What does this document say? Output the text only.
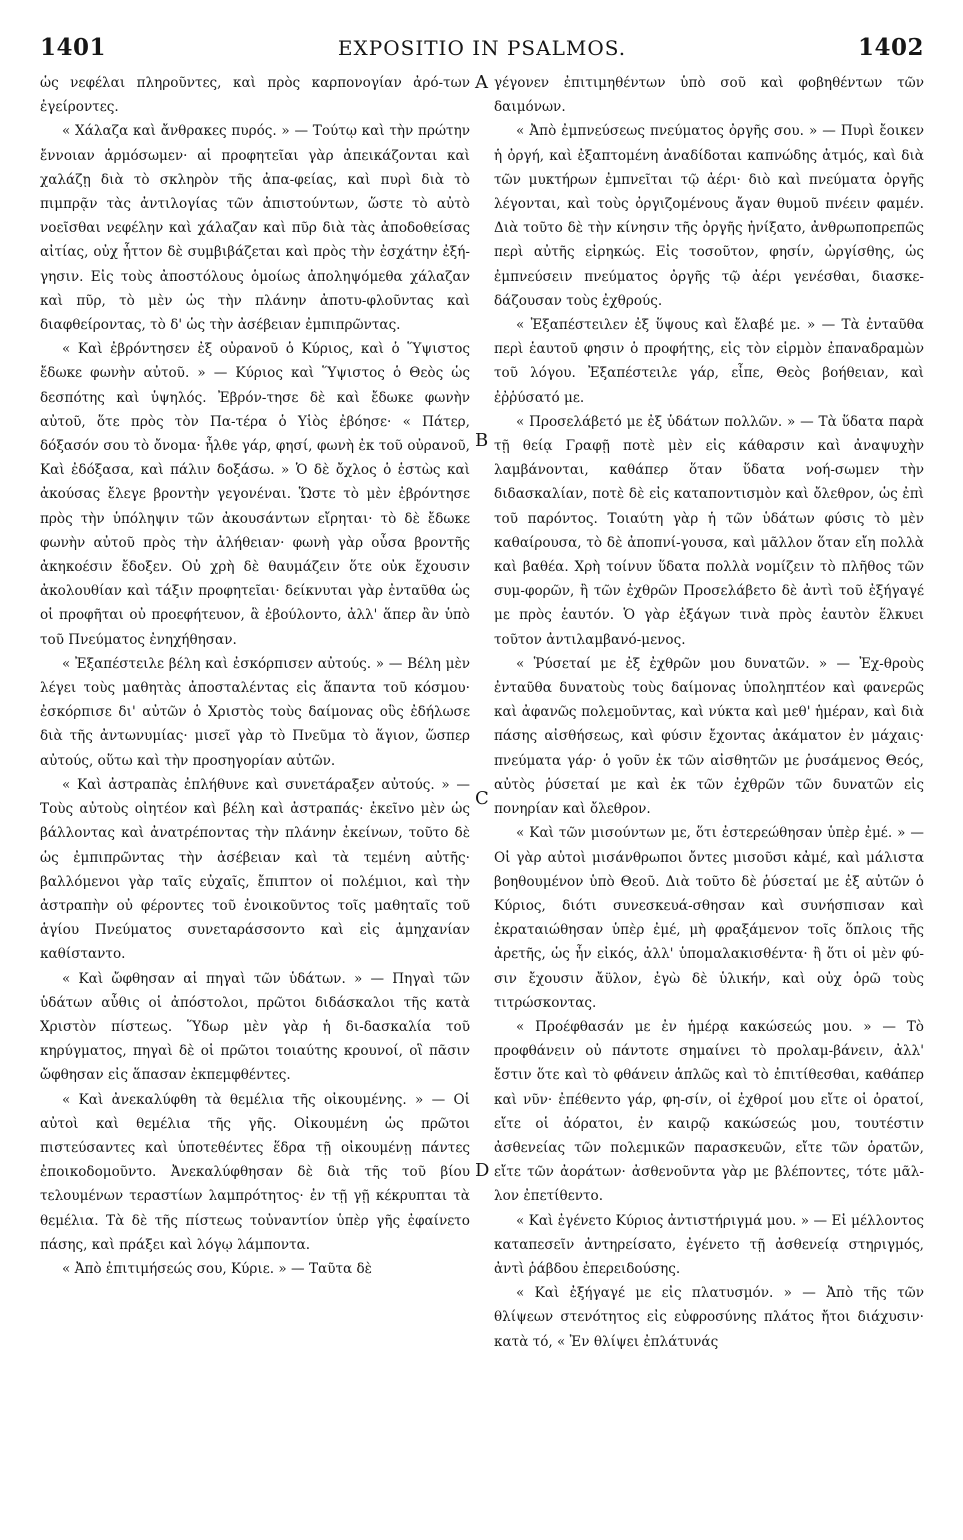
1401	EXPOSITIO IN PSALMOS.	1402

ὡς νεφέλαι πληροῦντες, καὶ πρὸς καρπονογίαν ἀρό-των ἐγείροντες.

« Χάλαζα καὶ ἄνθρακες πυρός. » — Τούτῳ καὶ τὴν πρώτην ἔννοιαν ἁρμόσωμεν· αἱ προφητεῖαι γὰρ ἀπεικάζονται καὶ χαλάζῃ διὰ τὸ σκληρὸν τῆς ἀπα-φείας, καὶ πυρὶ διὰ τὸ πιμπρᾷν τὰς ἀντιλογίας τῶν ἀπιστούντων, ὥστε τὸ αὐτὸ νοεῖσθαι νεφέλην καὶ χάλαζαν καὶ πῦρ διὰ τὰς ἀποδοθείσας αἰτίας, οὐχ ἧττον δὲ συμβιβάζεται καὶ πρὸς τὴν ἐσχάτην ἐξή-γησιν. Εἰς τοὺς ἀποστόλους ὁμοίως ἀποληψόμεθα χάλαζαν καὶ πῦρ, τὸ μὲν ὡς τὴν πλάνην ἀποτυ-φλοῦντας καὶ διαφθείροντας, τὸ δ' ὡς τὴν ἀσέβειαν ἐμπιπρῶντας.

« Καὶ ἐβρόντησεν ἐξ οὐρανοῦ ὁ Κύριος, καὶ ὁ Ὕψιστος ἔδωκε φωνὴν αὐτοῦ. » — Κύριος καὶ Ὕψιστος ὁ Θεὸς ὡς δεσπότης καὶ ὑψηλός. Ἐβρόν-τησε δὲ καὶ ἔδωκε φωνὴν αὐτοῦ, ὅτε πρὸς τὸν Πα-τέρα ὁ Υἱὸς ἐβόησε· « Πάτερ, δόξασόν σου τὸ ὄνομα· ἦλθε γάρ, φησί, φωνὴ ἐκ τοῦ οὐρανοῦ, Καὶ ἐδόξασα, καὶ πάλιν δοξάσω. » Ὁ δὲ ὄχλος ὁ ἑστὼς καὶ ἀκούσας ἔλεγε βροντὴν γεγονέναι. Ὥστε τὸ μὲν ἐβρόντησε πρὸς τὴν ὑπόληψιν τῶν ἀκουσάντων εἴρηται· τὸ δὲ ἔδωκε φωνὴν αὐτοῦ πρὸς τὴν ἀλήθειαν· φωνὴ γὰρ οὖσα βροντῆς ἀκηκοέσιν ἔδοξεν. Οὐ χρὴ δὲ θαυμάζειν ὅτε οὐκ ἔχουσιν ἀκολουθίαν καὶ τάξιν προφητεῖαι· δείκνυται γὰρ ἐνταῦθα ὡς οἱ προφῆται οὐ προεφήτευον, ἃ ἐβούλοντο, ἀλλ' ἅπερ ἂν ὑπὸ τοῦ Πνεύματος ἐνηχήθησαν.

« Ἐξαπέστειλε βέλη καὶ ἐσκόρπισεν αὐτούς. » — Βέλη μὲν λέγει τοὺς μαθητὰς ἀποσταλέντας εἰς ἅπαντα τοῦ κόσμου· ἐσκόρπισε δι' αὐτῶν ὁ Χριστὸς τοὺς δαίμονας οὓς ἐδήλωσε διὰ τῆς ἀντωνυμίας· μισεῖ γὰρ τὸ Πνεῦμα τὸ ἅγιον, ὥσπερ αὐτούς, οὕτω καὶ τὴν προσηγορίαν αὐτῶν.

« Καὶ ἀστραπὰς ἐπλήθυνε καὶ συνετάραξεν αὐτούς. » — Τοὺς αὐτοὺς οἰητέον καὶ βέλη καὶ ἀστραπάς· ἐκεῖνο μὲν ὡς βάλλοντας καὶ ἀνατρέποντας τὴν πλάνην ἐκείνων, τοῦτο δὲ ὡς ἐμπιπρῶντας τὴν ἀσέβειαν καὶ τὰ τεμένη αὐτῆς· βαλλόμενοι γὰρ ταῖς εὐχαῖς, ἔπιπτον οἱ πολέμιοι, καὶ τὴν ἀστραπὴν οὐ φέροντες τοῦ ἐνοικοῦντος τοῖς μαθηταῖς τοῦ ἁγίου Πνεύματος συνεταράσσοντο καὶ εἰς ἀμηχανίαν καθίσταντο.

« Καὶ ὤφθησαν αἱ πηγαὶ τῶν ὑδάτων. » — Πηγαὶ τῶν ὑδάτων αὖθις οἱ ἀπόστολοι, πρῶτοι διδάσκαλοι τῆς κατὰ Χριστὸν πίστεως. Ὕδωρ μὲν γὰρ ἡ δι-δασκαλία τοῦ κηρύγματος, πηγαὶ δὲ οἱ πρῶτοι τοιαύτης κρουνοί, οἳ πᾶσιν ὤφθησαν εἰς ἅπασαν ἐκπεμφθέντες.

« Καὶ ἀνεκαλύφθη τὰ θεμέλια τῆς οἰκουμένης. » — Οἱ αὐτοὶ καὶ θεμέλια τῆς γῆς. Οἰκουμένη ὡς πρῶτοι πιστεύσαντες καὶ ὑποτεθέντες ἕδρα τῇ οἰκουμένῃ πάντες ἐποικοδομοῦντο. Ἀνεκαλύφθησαν δὲ διὰ τῆς τοῦ βίου τελουμένων τεραστίων λαμπρότητος· ἐν τῇ γῇ κέκρυπται τὰ θεμέλια. Τὰ δὲ τῆς πίστεως τοὐναντίον ὑπὲρ γῆς ἐφαίνετο πάσης, καὶ πράξει καὶ λόγῳ λάμποντα.

« Ἀπὸ ἐπιτιμήσεώς σου, Κύριε. » — Ταῦτα δὲ

A
B
C
D

γέγονεν ἐπιτιμηθέντων ὑπὸ σοῦ καὶ φοβηθέντων τῶν δαιμόνων.

« Ἀπὸ ἐμπνεύσεως πνεύματος ὀργῆς σου. » — Πυρὶ ἔοικεν ἡ ὀργή, καὶ ἐξαπτομένη ἀναδίδοται καπνώδης ἀτμός, καὶ διὰ τῶν μυκτήρων ἐμπνεῖται τῷ ἀέρι· διὸ καὶ πνεύματα ὀργῆς λέγονται, καὶ τοὺς ὀργιζομένους ἄγαν θυμοῦ πνέειν φαμέν. Διὰ τοῦτο δὲ τὴν κίνησιν τῆς ὀργῆς ἠνίξατο, ἀνθρωποπρεπῶς περὶ αὐτῆς εἰρηκώς. Εἰς τοσοῦτον, φησίν, ὠργίσθης, ὡς ἐμπνεύσειν πνεύματος ὀργῆς τῷ ἀέρι γενέσθαι, διασκε-δάζουσαν τοὺς ἐχθρούς.

« Ἐξαπέστειλεν ἐξ ὕψους καὶ ἔλαβέ με. » — Τὰ ἐνταῦθα περὶ ἑαυτοῦ φησιν ὁ προφήτης, εἰς τὸν εἱρμὸν ἐπαναδραμὼν τοῦ λόγου. Ἐξαπέστειλε γάρ, εἶπε, Θεὸς βοήθειαν, καὶ ἐῤῥύσατό με.

« Προσελάβετό με ἐξ ὑδάτων πολλῶν. » — Τὰ ὕδατα παρὰ τῇ θείᾳ Γραφῇ ποτὲ μὲν εἰς κάθαρσιν καὶ ἀναψυχὴν λαμβάνονται, καθάπερ ὅταν ὕδατα νοή-σωμεν τὴν διδασκαλίαν, ποτὲ δὲ εἰς καταποντισμὸν καὶ ὄλεθρον, ὡς ἐπὶ τοῦ παρόντος. Τοιαύτη γὰρ ἡ τῶν ὑδάτων φύσις τὸ μὲν καθαίρουσα, τὸ δὲ ἀποπνί-γουσα, καὶ μᾶλλον ὅταν εἴη πολλὰ καὶ βαθέα. Χρὴ τοίνυν ὕδατα πολλὰ νομίζειν τὸ πλῆθος τῶν συμ-φορῶν, ἢ τῶν ἐχθρῶν Προσελάβετο δὲ ἀντὶ τοῦ ἐξήγαγέ με πρὸς ἑαυτόν. Ὁ γὰρ ἐξάγων τινὰ πρὸς ἑαυτὸν ἕλκυει τοῦτον ἀντιλαμβανό-μενος.

« Ῥύσεταί με ἐξ ἐχθρῶν μου δυνατῶν. » — Ἐχ-θροὺς ἐνταῦθα δυνατοὺς τοὺς δαίμονας ὑποληπτέον καὶ φανερῶς καὶ ἀφανῶς πολεμοῦντας, καὶ νύκτα καὶ μεθ' ἡμέραν, καὶ διὰ πάσης αἰσθήσεως, καὶ φύσιν ἔχοντας ἀκάματον ἐν μάχαις· πνεύματα γάρ· ὁ γοῦν ἐκ τῶν αἰσθητῶν με ῥυσάμενος Θεός, αὐτὸς ῥύσεταί με καὶ ἐκ τῶν ἐχθρῶν τῶν δυνατῶν εἰς πονηρίαν καὶ ὄλεθρον.

« Καὶ τῶν μισούντων με, ὅτι ἐστερεώθησαν ὑπὲρ ἐμέ. » — Οἱ γὰρ αὐτοὶ μισάνθρωποι ὄντες μισοῦσι κἀμέ, καὶ μάλιστα βοηθουμένον ὑπὸ Θεοῦ. Διὰ τοῦτο δὲ ῥύσεταί με ἐξ αὐτῶν ὁ Κύριος, διότι συνεσκευά-σθησαν καὶ συνήσπισαν καὶ ἐκραταιώθησαν ὑπὲρ ἐμέ, μὴ φραξάμενον τοῖς ὅπλοις τῆς ἀρετῆς, ὡς ἦν εἰκός, ἀλλ' ὑπομαλακισθέντα· ἢ ὅτι οἱ μὲν φύ-σιν ἔχουσιν ἄϋλον, ἐγὼ δὲ ὑλικήν, καὶ οὐχ ὁρῶ τοὺς τιτρώσκοντας.

« Προέφθασάν με ἐν ἡμέρᾳ κακώσεώς μου. » — Τὸ προφθάνειν οὐ πάντοτε σημαίνει τὸ προλαμ-βάνειν, ἀλλ' ἔστιν ὅτε καὶ τὸ φθάνειν ἁπλῶς καὶ τὸ ἐπιτίθεσθαι, καθάπερ καὶ νῦν· ἐπέθεντο γάρ, φη-σίν, οἱ ἐχθροί μου εἴτε οἱ ὁρατοί, εἴτε οἱ ἀόρατοι, ἐν καιρῷ κακώσεώς μου, τουτέστιν ἀσθενείας τῶν πολεμικῶν παρασκευῶν, εἴτε τῶν ὁρατῶν, εἴτε τῶν ἀοράτων· ἀσθενοῦντα γὰρ με βλέποντες, τότε μᾶλ-λον ἐπετίθεντο.

« Καὶ ἐγένετο Κύριος ἀντιστήριγμά μου. » — Εἰ μέλλοντος καταπεσεῖν ἀντηρείσατο, ἐγένετο τῇ ἀσθενείᾳ στηριγμός, ἀντὶ ῥάβδου ἐπερειδούσης.

« Καὶ ἐξήγαγέ με εἰς πλατυσμόν. » — Ἀπὸ τῆς τῶν θλίψεων στενότητος εἰς εὐφροσύνης πλάτος ἤτοι διάχυσιν· κατὰ τό, « Ἐν θλίψει ἐπλάτυνάς
